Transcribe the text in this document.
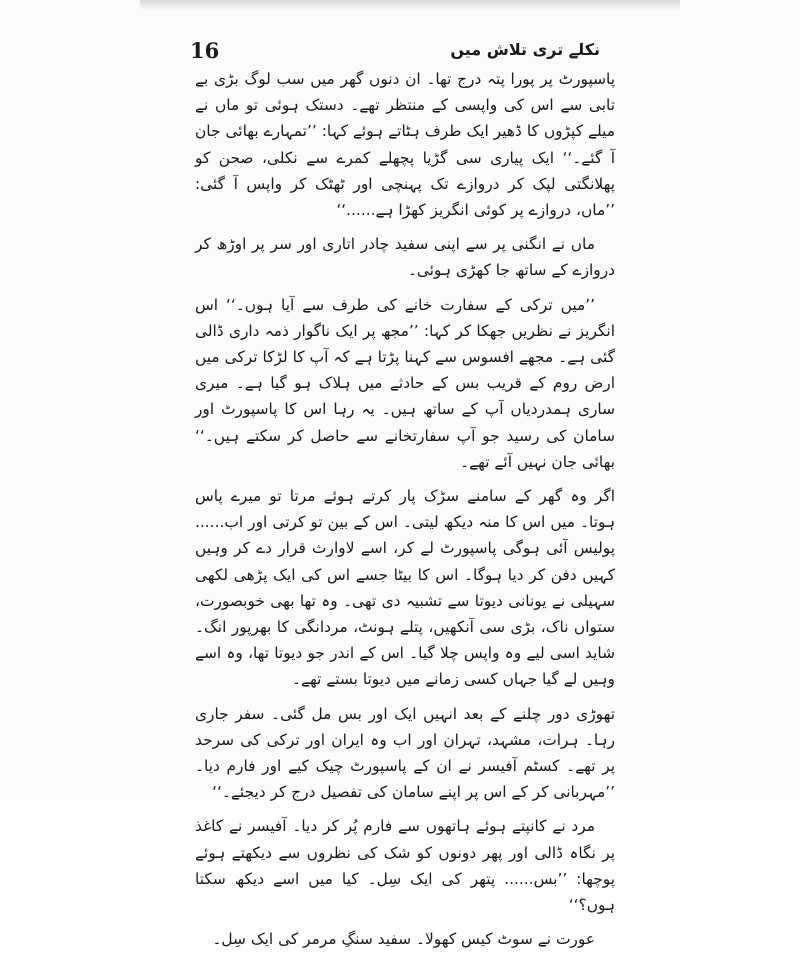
16	نکلے تری تلاش میں

پاسپورٹ پر پورا پتہ درج تھا۔ ان دنوں گھر میں سب لوگ بڑی بے تابی سے اس کی واپسی کے منتظر تھے۔ دستک ہوئی تو ماں نے میلے کپڑوں کا ڈھیر ایک طرف ہٹاتے ہوئے کہا: ’’تمہارے بھائی جان آ گئے۔‘‘ ایک پیاری سی گڑیا پچھلے کمرے سے نکلی، صحن کو پھلانگتی لپک کر دروازے تک پہنچی اور ٹھٹک کر واپس آ گئی: ’’ماں، دروازے پر کوئی انگریز کھڑا ہے......‘‘

ماں نے انگنی پر سے اپنی سفید چادر اتاری اور سر پر اوڑھ کر دروازے کے ساتھ جا کھڑی ہوئی۔

’’میں ترکی کے سفارت خانے کی طرف سے آیا ہوں۔‘‘ اس انگریز نے نظریں جھکا کر کہا: ’’مجھ پر ایک ناگوار ذمہ داری ڈالی گئی ہے۔ مجھے افسوس سے کہنا پڑتا ہے کہ آپ کا لڑکا ترکی میں ارض روم کے قریب بس کے حادثے میں ہلاک ہو گیا ہے۔ میری ساری ہمدردیاں آپ کے ساتھ ہیں۔ یہ رہا اس کا پاسپورٹ اور سامان کی رسید جو آپ سفارتخانے سے حاصل کر سکتے ہیں۔‘‘ بھائی جان نہیں آئے تھے۔

اگر وہ گھر کے سامنے سڑک پار کرتے ہوئے مرتا تو میرے پاس ہوتا۔ میں اس کا منہ دیکھ لیتی۔ اس کے بین تو کرتی اور اب...... پولیس آئی ہوگی پاسپورٹ لے کر، اسے لاوارث قرار دے کر وہیں کہیں دفن کر دیا ہوگا۔ اس کا بیٹا جسے اس کی ایک پڑھی لکھی سہیلی نے یونانی دیوتا سے تشبیہ دی تھی۔ وہ تھا بھی خوبصورت، ستواں ناک، بڑی سی آنکھیں، پتلے ہونٹ، مردانگی کا بھرپور انگ۔ شاید اسی لیے وہ واپس چلا گیا۔ اس کے اندر جو دیوتا تھا، وہ اسے وہیں لے گیا جہاں کسی زمانے میں دیوتا بستے تھے۔

تھوڑی دور چلنے کے بعد انہیں ایک اور بس مل گئی۔ سفر جاری رہا۔ ہرات، مشہد، تہران اور اب وہ ایران اور ترکی کی سرحد پر تھے۔ کسٹم آفیسر نے ان کے پاسپورٹ چیک کیے اور فارم دیا۔ ’’مہربانی کر کے اس پر اپنے سامان کی تفصیل درج کر دیجئے۔‘‘

مرد نے کانپتے ہوئے ہاتھوں سے فارم پُر کر دیا۔ آفیسر نے کاغذ پر نگاہ ڈالی اور پھر دونوں کو شک کی نظروں سے دیکھتے ہوئے پوچھا: ’’بس...... پتھر کی ایک سِل۔ کیا میں اسے دیکھ سکتا ہوں؟‘‘

عورت نے سوٹ کیس کھولا۔ سفید سنگِ مرمر کی ایک سِل۔
